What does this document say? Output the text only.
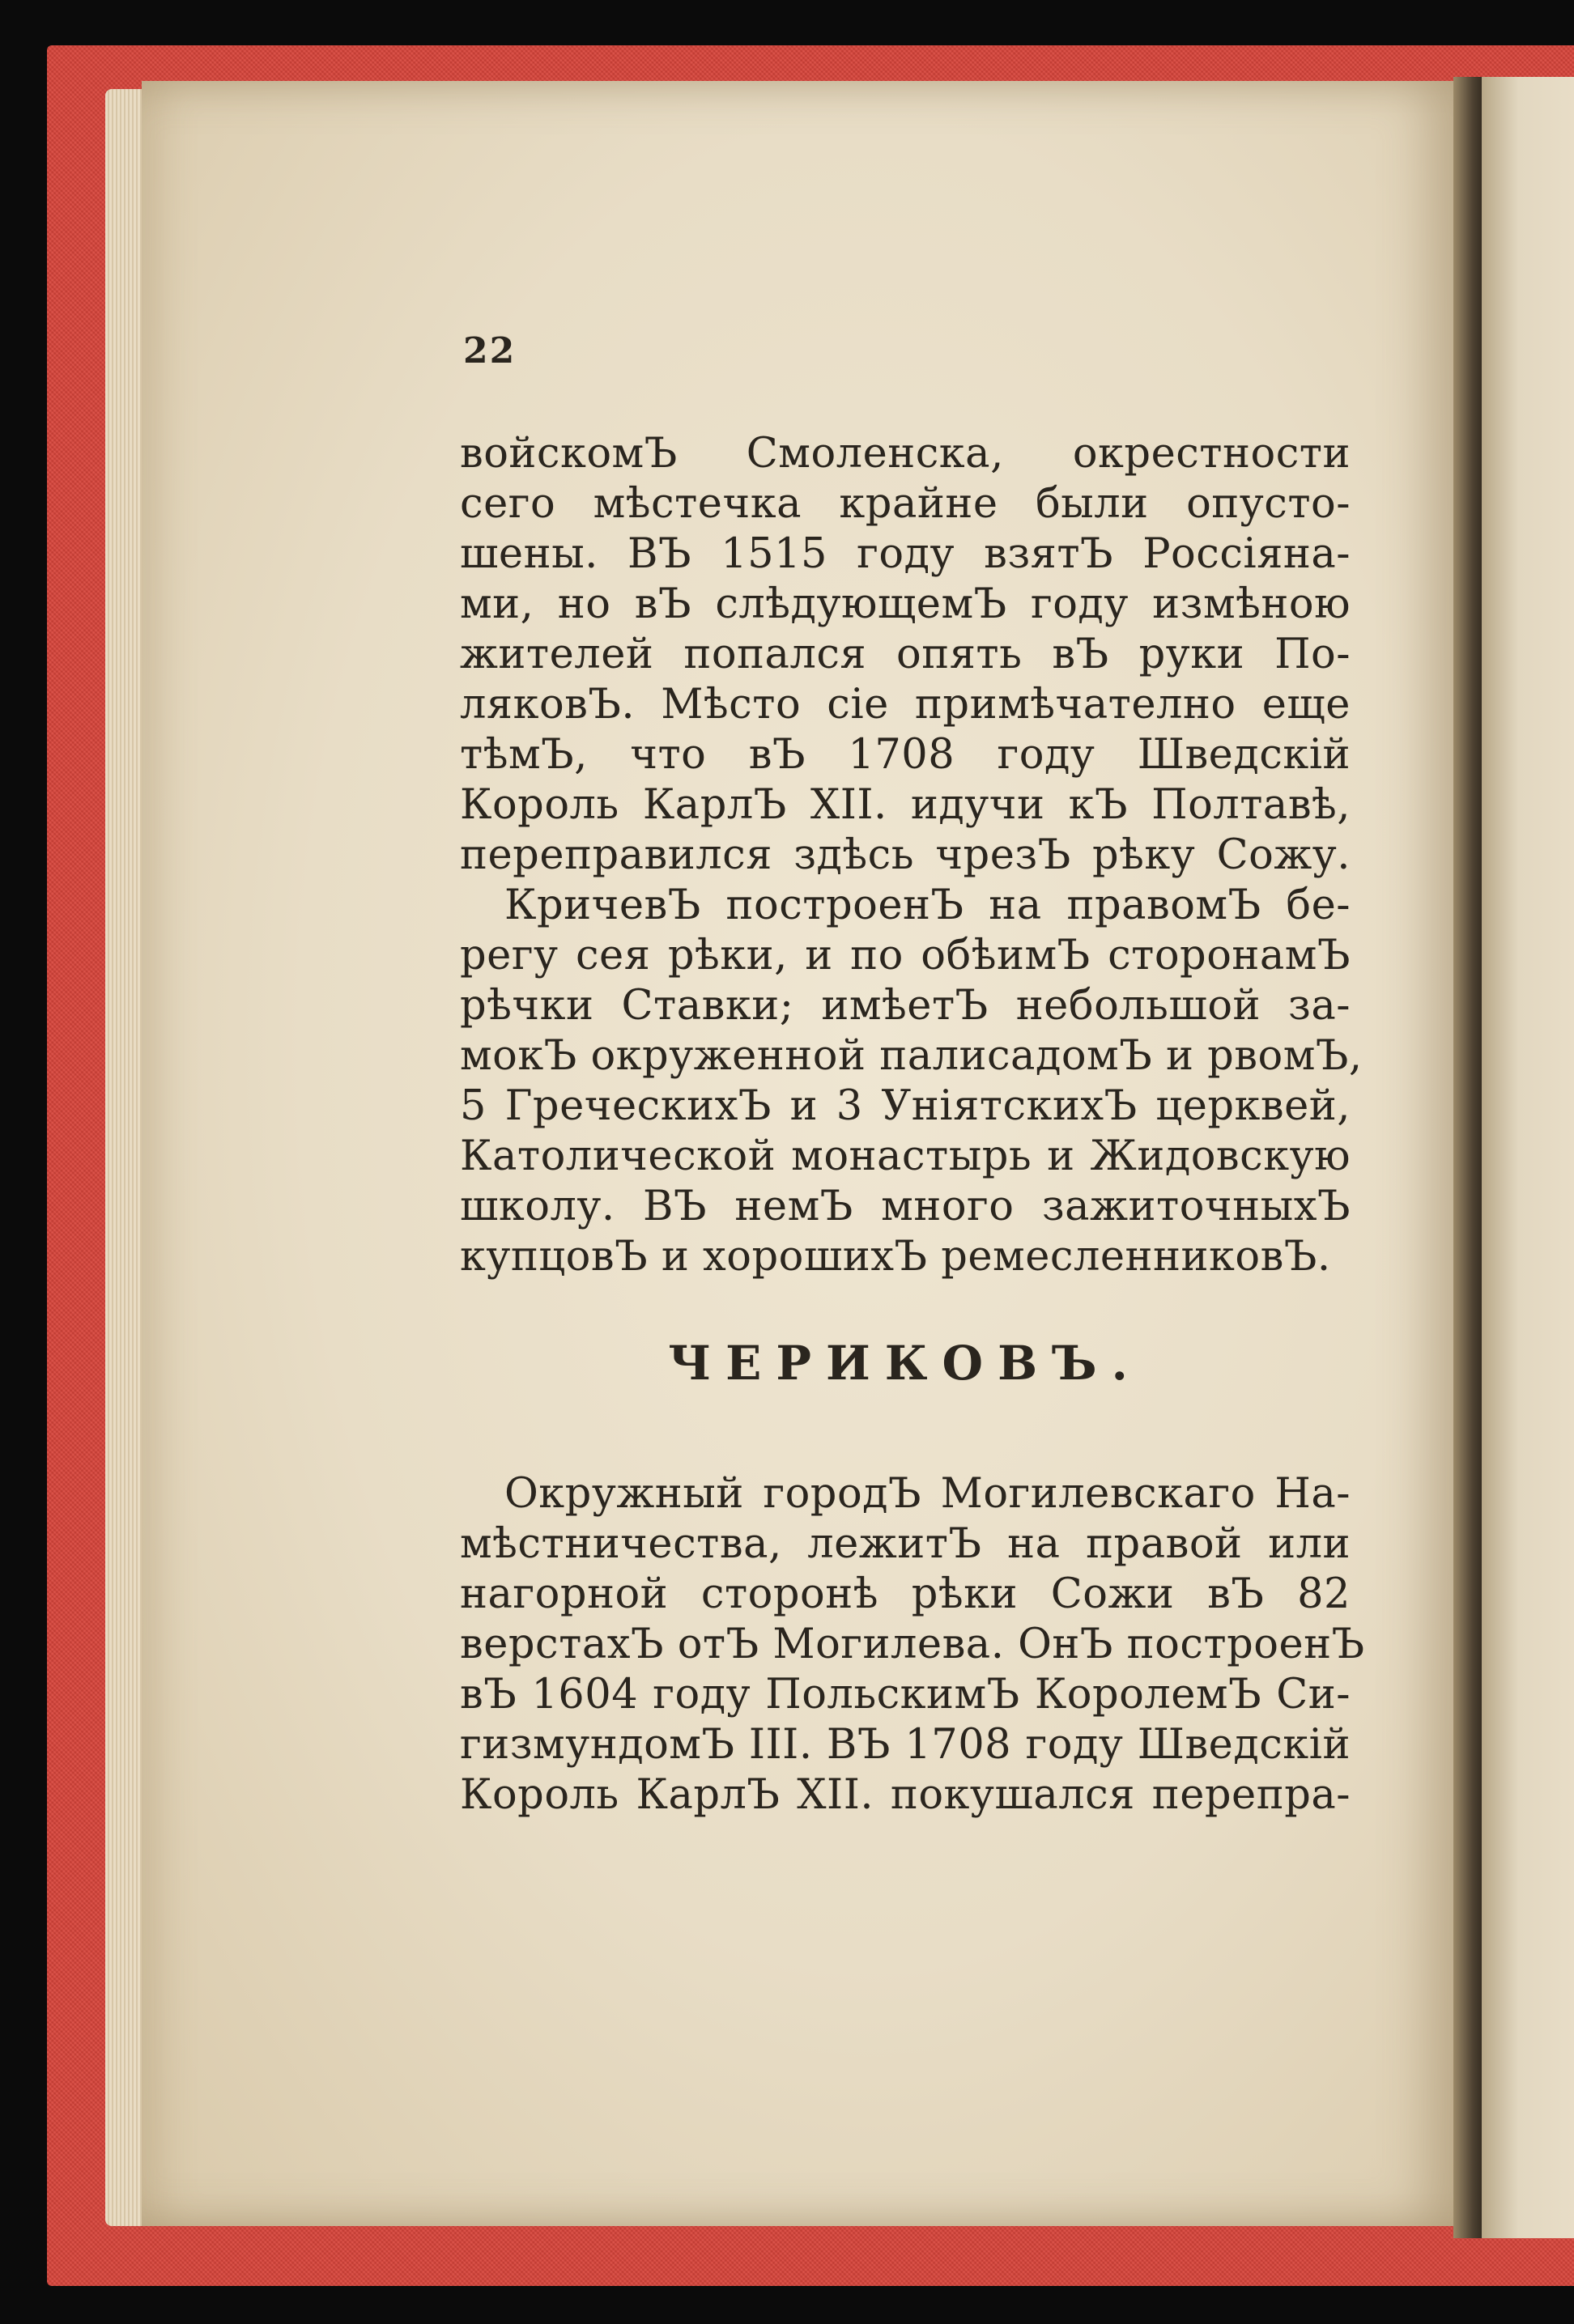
22
войскомЪ Смоленска, окрестности
сего мѣстечка крайне были опусто-
шены. ВЪ 1515 году взятЪ Россіяна-
ми, но вЪ слѣдующемЪ году измѣною
жителей попался опять вЪ руки По-
ляковЪ. Мѣсто сіе примѣчателно еще
тѣмЪ, что вЪ 1708 году Шведскій
Король КарлЪ XII. идучи кЪ Полтавѣ,
переправился здѣсь чрезЪ рѣку Сожу.
КричевЪ построенЪ на правомЪ бе-
регу сея рѣки, и по обѣимЪ сторонамЪ
рѣчки Ставки; имѣетЪ небольшой за-
мокЪ окруженной палисадомЪ и рвомЪ,
5 ГреческихЪ и 3 УніятскихЪ церквей,
Католической монастырь и Жидовскую
школу. ВЪ немЪ много зажиточныхЪ
купцовЪ и хорошихЪ ремесленниковЪ.
ЧЕРИКОВЪ.
Окружный городЪ Могилевскаго На-
мѣстничества, лежитЪ на правой или
нагорной сторонѣ рѣки Сожи вЪ 82
верстахЪ отЪ Могилева. ОнЪ построенЪ
вЪ 1604 году ПольскимЪ КоролемЪ Си-
гизмундомЪ III. ВЪ 1708 году Шведскій
Король КарлЪ XII. покушался перепра-
